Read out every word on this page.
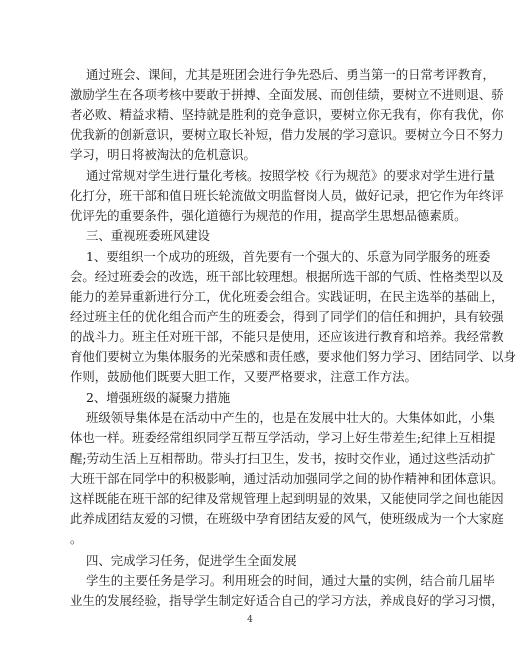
通过班会、课间，尤其是班团会进行争先恐后、勇当第一的日常考评教育，
激励学生在各项考核中要敢于拼搏、全面发展、而创佳绩，要树立不进则退、骄
者必败、精益求精、坚持就是胜利的竞争意识，要树立你无我有，你有我优，你
优我新的创新意识，要树立取长补短，借力发展的学习意识。要树立今日不努力
学习，明日将被淘汰的危机意识。
通过常规对学生进行量化考核。按照学校《行为规范》的要求对学生进行量
化打分，班干部和值日班长轮流做文明监督岗人员，做好记录，把它作为年终评
优评先的重要条件，强化道德行为规范的作用，提高学生思想品德素质。
三、重视班委班风建设
1、要组织一个成功的班级，首先要有一个强大的、乐意为同学服务的班委
会。经过班委会的改选，班干部比较理想。根据所选干部的气质、性格类型以及
能力的差异重新进行分工，优化班委会组合。实践证明，在民主选举的基础上，
经过班主任的优化组合而产生的班委会，得到了同学们的信任和拥护，具有较强
的战斗力。班主任对班干部，不能只是使用，还应该进行教育和培养。我经常教
育他们要树立为集体服务的光荣感和责任感，要求他们努力学习、团结同学、以身
作则，鼓励他们既要大胆工作，又要严格要求，注意工作方法。
2、增强班级的凝聚力措施
班级领导集体是在活动中产生的，也是在发展中壮大的。大集体如此，小集
体也一样。班委经常组织同学互帮互学活动，学习上好生带差生;纪律上互相提
醒;劳动生活上互相帮助。带头打扫卫生，发书，按时交作业，通过这些活动扩
大班干部在同学中的积极影响，通过活动加强同学之间的协作精神和团体意识。
这样既能在班干部的纪律及常规管理上起到明显的效果，又能使同学之间也能因
此养成团结友爱的习惯，在班级中孕育团结友爱的风气，使班级成为一个大家庭
。
四、完成学习任务，促进学生全面发展
学生的主要任务是学习。利用班会的时间，通过大量的实例，结合前几届毕
业生的发展经验，指导学生制定好适合自己的学习方法，养成良好的学习习惯，
4
